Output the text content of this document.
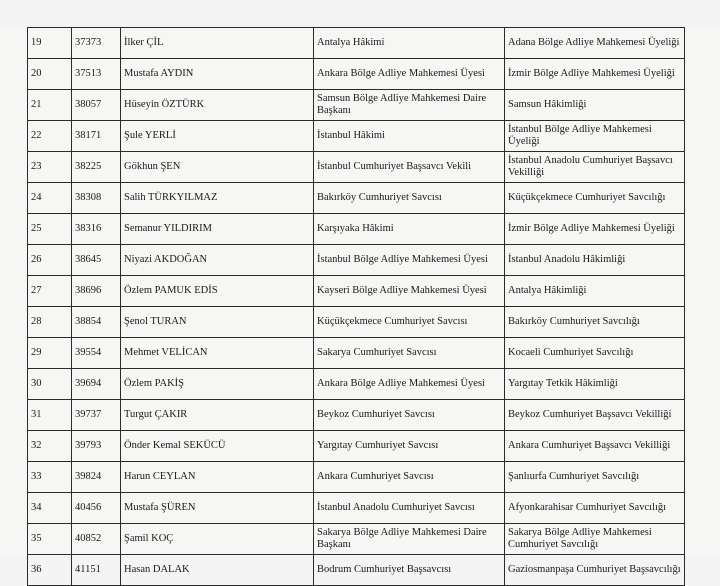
19	37373	İlker ÇİL	Antalya Hâkimi	Adana Bölge Adliye Mahkemesi Üyeliği
20	37513	Mustafa AYDIN	Ankara Bölge Adliye Mahkemesi Üyesi	İzmir Bölge Adliye Mahkemesi Üyeliği
21	38057	Hüseyin ÖZTÜRK	Samsun Bölge Adliye Mahkemesi Daire Başkanı	Samsun Hâkimliği
22	38171	Şule YERLİ	İstanbul Hâkimi	İstanbul Bölge Adliye Mahkemesi Üyeliği
23	38225	Gökhun ŞEN	İstanbul Cumhuriyet Başsavcı Vekili	İstanbul Anadolu Cumhuriyet Başsavcı Vekilliği
24	38308	Salih TÜRKYILMAZ	Bakırköy Cumhuriyet Savcısı	Küçükçekmece Cumhuriyet Savcılığı
25	38316	Semanur YILDIRIM	Karşıyaka Hâkimi	İzmir Bölge Adliye Mahkemesi Üyeliği
26	38645	Niyazi AKDOĞAN	İstanbul Bölge Adliye Mahkemesi Üyesi	İstanbul Anadolu Hâkimliği
27	38696	Özlem PAMUK EDİS	Kayseri Bölge Adliye Mahkemesi Üyesi	Antalya Hâkimliği
28	38854	Şenol TURAN	Küçükçekmece Cumhuriyet Savcısı	Bakırköy Cumhuriyet Savcılığı
29	39554	Mehmet VELİCAN	Sakarya Cumhuriyet Savcısı	Kocaeli Cumhuriyet Savcılığı
30	39694	Özlem PAKİŞ	Ankara Bölge Adliye Mahkemesi Üyesi	Yargıtay Tetkik Hâkimliği
31	39737	Turgut ÇAKIR	Beykoz Cumhuriyet Savcısı	Beykoz Cumhuriyet Başsavcı Vekilliği
32	39793	Önder Kemal SEKÜCÜ	Yargıtay Cumhuriyet Savcısı	Ankara Cumhuriyet Başsavcı Vekilliği
33	39824	Harun CEYLAN	Ankara Cumhuriyet Savcısı	Şanlıurfa Cumhuriyet Savcılığı
34	40456	Mustafa ŞÜREN	İstanbul Anadolu Cumhuriyet Savcısı	Afyonkarahisar Cumhuriyet Savcılığı
35	40852	Şamil KOÇ	Sakarya Bölge Adliye Mahkemesi Daire Başkanı	Sakarya Bölge Adliye Mahkemesi Cumhuriyet Savcılığı
36	41151	Hasan DALAK	Bodrum Cumhuriyet Başsavcısı	Gaziosmanpaşa Cumhuriyet Başsavcılığı
